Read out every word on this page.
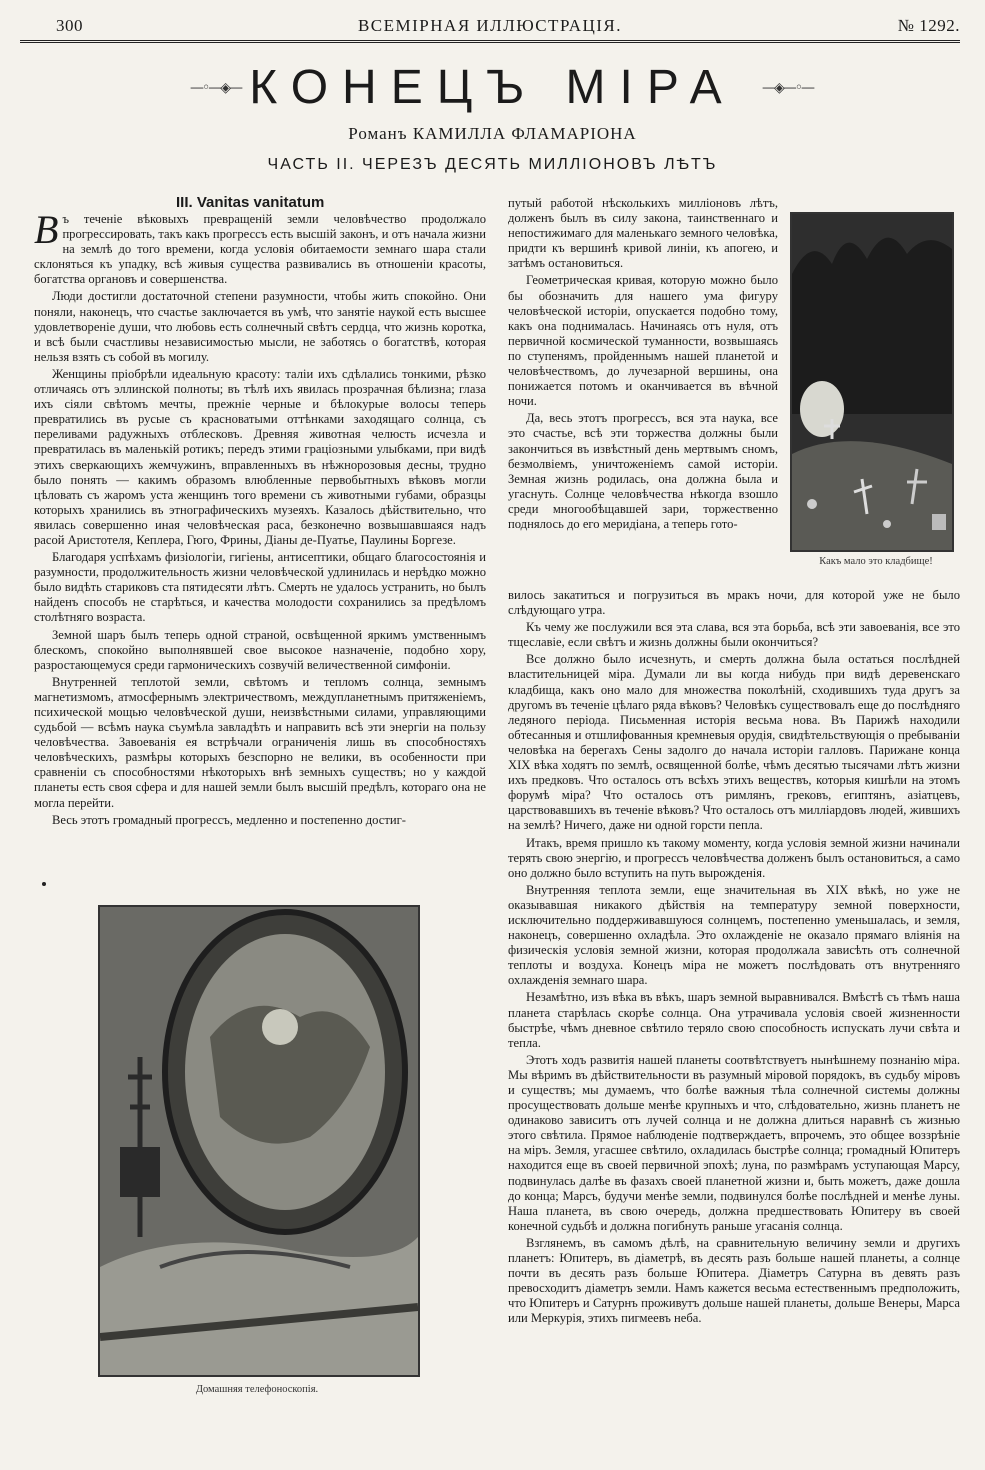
300	ВСЕМІРНАЯ ИЛЛЮСТРАЦІЯ.	№ 1292.
—◦—◈— КОНЕЦЪ МІРА	—◈—◦—
Романъ КАМИЛЛА ФЛАМАРІОНА
ЧАСТЬ II. ЧЕРЕЗЪ ДЕСЯТЬ МИЛЛІОНОВЪ ЛѢТЪ
III. Vanitas vanitatum

Въ теченіе вѣковыхъ превращеній земли человѣчество продолжало прогрессировать, такъ какъ прогрессъ есть высшій законъ, и отъ начала жизни на землѣ до того времени, когда условія обитаемости земнаго шара стали склоняться къ упадку, всѣ живыя существа развивались въ отношеніи красоты, богатства органовъ и совершенства.

Люди достигли достаточной степени разумности, чтобы жить спокойно. Они поняли, наконецъ, что счастье заключается въ умѣ, что занятіе наукой есть высшее удовлетвореніе души, что любовь есть солнечный свѣтъ сердца, что жизнь коротка, и всѣ были счастливы независимостью мысли, не заботясь о богатствѣ, которая нельзя взять съ собой въ могилу.

Женщины пріобрѣли идеальную красоту: таліи ихъ сдѣлались тонкими, рѣзко отличаясь отъ эллинской полноты; въ тѣлѣ ихъ явилась прозрачная бѣлизна; глаза ихъ сіяли свѣтомъ мечты, прежніе черные и бѣлокурые волосы теперь превратились въ русые съ красноватыми оттѣнками заходящаго солнца, съ переливами радужныхъ отблесковъ. Древняя животная челюсть исчезла и превратилась въ маленькій ротикъ; передъ этими граціозными улыбками, при видѣ этихъ сверкающихъ жемчужинъ, вправленныхъ въ нѣжнорозовыя десны, трудно было понять — какимъ образомъ влюбленные первобытныхъ вѣковъ могли цѣловать съ жаромъ уста женщинъ того времени съ животными губами, образцы которыхъ хранились въ этнографическихъ музеяхъ. Казалось дѣйствительно, что явилась совершенно иная человѣческая раса, безконечно возвышавшаяся надъ расой Аристотеля, Кеплера, Гюго, Фрины, Діаны де-Пуатье, Паулины Боргезе.

Благодаря успѣхамъ физіологіи, гигіены, антисептики, общаго благосостоянія и разумности, продолжительность жизни человѣческой удлинилась и нерѣдко можно было видѣть стариковъ ста пятидесяти лѣтъ. Смерть не удалось устранить, но былъ найденъ способъ не старѣться, и качества молодости сохранились за предѣломъ столѣтняго возраста.

Земной шаръ былъ теперь одной страной, освѣщенной яркимъ умственнымъ блескомъ, спокойно выполнявшей свое высокое назначеніе, подобно хору, разростающемуся среди гармоническихъ созвучій величественной симфоніи.

Внутренней теплотой земли, свѣтомъ и тепломъ солнца, земнымъ магнетизмомъ, атмосфернымъ электричествомъ, междупланетнымъ притяженіемъ, психической мощью человѣческой души, неизвѣстными силами, управляющими судьбой — всѣмъ наука съумѣла завладѣть и направить всѣ эти энергіи на пользу человѣчества. Завоеванія ея встрѣчали ограниченія лишь въ способностяхъ человѣческихъ, размѣры которыхъ безспорно не велики, въ особенности при сравненіи съ способностями нѣкоторыхъ внѣ земныхъ существъ; но у каждой планеты есть своя сфера и для нашей земли былъ высшій предѣлъ, котораго она не могла перейти.

Весь этотъ громадный прогрессъ, медленно и постепенно достиг-

путый работой нѣсколькихъ милліоновъ лѣтъ, долженъ былъ въ силу закона, таинственнаго и непостижимаго для маленькаго земного человѣка, придти къ вершинѣ кривой линіи, къ апогею, и затѣмъ остановиться.

Геометрическая кривая, которую можно было бы обозначить для нашего ума фигуру человѣческой исторіи, опускается подобно тому, какъ она поднималась. Начинаясь отъ нуля, отъ первичной космической туманности, возвышаясь по ступенямъ, пройденнымъ нашей планетой и человѣчествомъ, до лучезарной вершины, она понижается потомъ и оканчивается въ вѣчной ночи.

Да, весь этотъ прогрессъ, вся эта наука, все это счастье, всѣ эти торжества должны были закончиться въ извѣстный день мертвымъ сномъ, безмолвіемъ, уничтоженіемъ самой исторіи. Земная жизнь родилась, она должна была и угаснуть. Солнце человѣчества нѣкогда взошло среди многообѣщавшей зари, торжественно поднялось до его меридіана, а теперь гото-

Какъ мало это кладбище!

вилось закатиться и погрузиться въ мракъ ночи, для которой уже не было слѣдующаго утра.

Къ чему же послужили вся эта слава, вся эта борьба, всѣ эти завоеванія, все это тщеславіе, если свѣтъ и жизнь должны были окончиться?

Все должно было исчезнуть, и смерть должна была остаться послѣдней властительницей міра. Думали ли вы когда нибудь при видѣ деревенскаго кладбища, какъ оно мало для множества поколѣній, сходившихъ туда другъ за другомъ въ теченіе цѣлаго ряда вѣковъ? Человѣкъ существовалъ еще до послѣдняго ледяного періода. Письменная исторія весьма нова. Въ Парижѣ находили обтесанныя и отшлифованныя кремневыя орудія, свидѣтельствующія о пребываніи человѣка на берегахъ Сены задолго до начала исторіи галловъ. Парижане конца XIX вѣка ходятъ по землѣ, освященной болѣе, чѣмъ десятью тысячами лѣтъ жизни ихъ предковъ. Что осталось отъ всѣхъ этихъ веществъ, которыя кишѣли на этомъ форумѣ міра? Что осталось отъ римлянъ, грековъ, египтянъ, азіатцевъ, царствовавшихъ въ теченіе вѣковъ? Что осталось отъ милліардовъ людей, жившихъ на землѣ? Ничего, даже ни одной горсти пепла.

Итакъ, время пришло къ такому моменту, когда условія земной жизни начинали терять свою энергію, и прогрессъ человѣчества долженъ былъ остановиться, а само оно должно было вступить на путь вырожденія.

Внутренняя теплота земли, еще значительная въ XIX вѣкѣ, но уже не оказывавшая никакого дѣйствія на температуру земной поверхности, исключительно поддерживавшуюся солнцемъ, постепенно уменьшалась, и земля, наконецъ, совершенно охладѣла. Это охлажденіе не оказало прямаго вліянія на физическія условія земной жизни, которая продолжала зависѣть отъ солнечной теплоты и воздуха. Конецъ міра не можетъ послѣдовать отъ внутренняго охлажденія земнаго шара.

Незамѣтно, изъ вѣка въ вѣкъ, шаръ земной выравнивался. Вмѣстѣ съ тѣмъ наша планета старѣлась скорѣе солнца. Она утрачивала условія своей жизненности быстрѣе, чѣмъ дневное свѣтило теряло свою способность испускать лучи свѣта и тепла.

Этотъ ходъ развитія нашей планеты соотвѣтствуетъ нынѣшнему познанію міра. Мы вѣримъ въ дѣйствительности въ разумный міровой порядокъ, въ судьбу міровъ и существъ; мы думаемъ, что болѣе важныя тѣла солнечной системы должны просуществовать дольше менѣе крупныхъ и что, слѣдовательно, жизнь планетъ не одинаково зависитъ отъ лучей солнца и не должна длиться наравнѣ съ жизнью этого свѣтила. Прямое наблюденіе подтверждаетъ, впрочемъ, это общее воззрѣніе на міръ. Земля, угасшее свѣтило, охладилась быстрѣе солнца; громадный Юпитеръ находится еще въ своей первичной эпохѣ; луна, по размѣрамъ уступающая Марсу, подвинулась далѣе въ фазахъ своей планетной жизни и, быть можетъ, даже дошла до конца; Марсъ, будучи менѣе земли, подвинулся болѣе послѣдней и менѣе луны. Наша планета, въ свою очередь, должна предшествовать Юпитеру въ своей конечной судьбѣ и должна погибнуть раньше угасанія солнца.

Взглянемъ, въ самомъ дѣлѣ, на сравнительную величину земли и другихъ планетъ: Юпитеръ, въ діаметрѣ, въ десять разъ больше нашей планеты, а солнце почти въ десять разъ больше Юпитера. Діаметръ Сатурна въ девять разъ превосходитъ діаметръ земли. Намъ кажется весьма естественнымъ предположить, что Юпитеръ и Сатурнъ проживутъ дольше нашей планеты, дольше Венеры, Марса или Меркурія, этихъ пигмеевъ неба.

Домашняя телефоноскопія.
